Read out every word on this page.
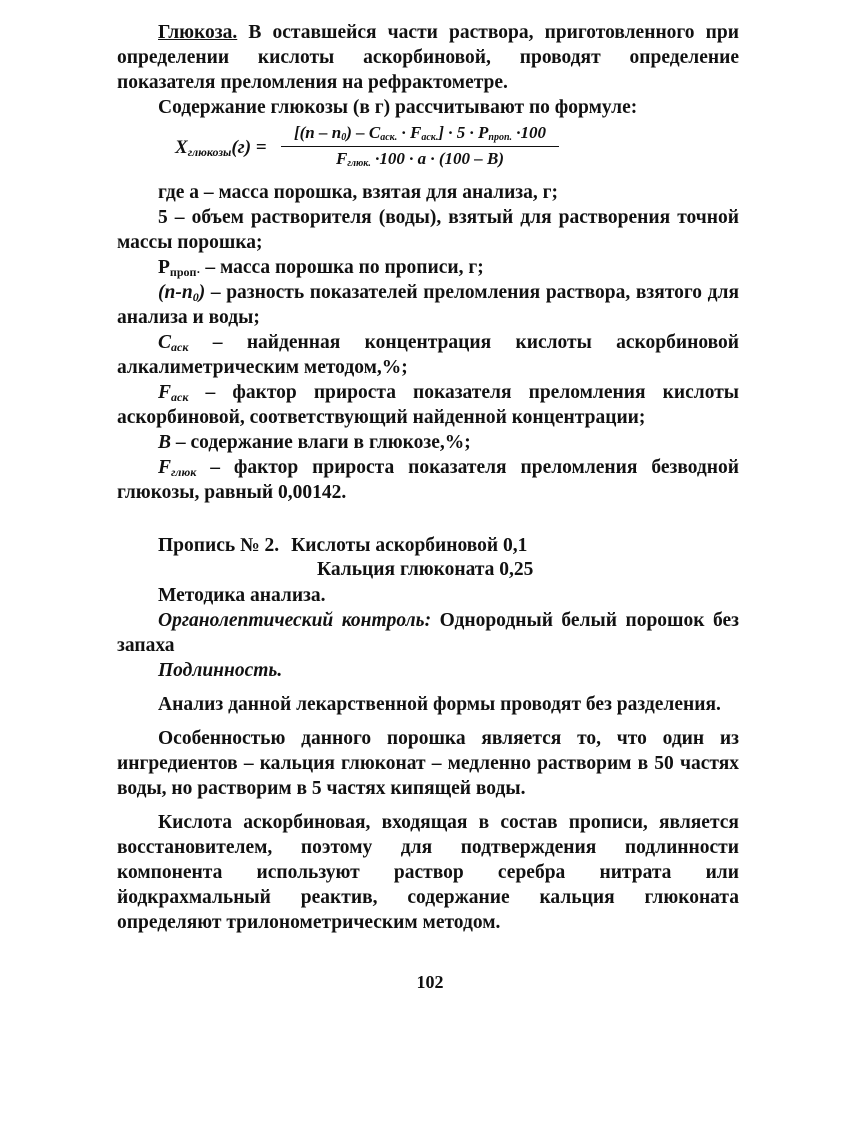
Глюкоза. В оставшейся части раствора, приготовленного при определении кислоты аскорбиновой, проводят определение показателя преломления на рефрактометре.

Содержание глюкозы (в г) рассчитывают по формуле:

$X_{глюкозы}(г)$ =
$[(n - n_0) - C_{аск.} \cdot F_{аск.}] \cdot 5 \cdot P_{проп.} \cdot 100$
$F_{глюк.} \cdot 100 \cdot a \cdot (100 - B)$

где a – масса порошка, взятая для анализа, г;

5 – объем растворителя (воды), взятый для растворения точной массы порошка;

$P_{проп\cdot}$ – масса порошка по прописи, г;

$(n-n_0)$ – разность показателей преломления раствора, взятого для анализа и воды;

$C_{аск}$ – найденная концентрация кислоты аскорбиновой алкалиметрическим методом,%;

$F_{аск}$ – фактор прироста показателя преломления кислоты аскорбиновой, соответствующий найденной концентрации;

B – содержание влаги в глюкозе,%;

$F_{глюк}$ – фактор прироста показателя преломления безводной глюкозы, равный 0,00142.

Пропись № 2. Кислоты аскорбиновой 0,1
Кальция глюконата 0,25

Методика анализа.

Органолептический контроль: Однородный белый порошок без запаха

Подлинность.

Анализ данной лекарственной формы проводят без разделения.

Особенностью данного порошка является то, что один из ингредиентов – кальция глюконат – медленно растворим в 50 частях воды, но растворим в 5 частях кипящей воды.

Кислота аскорбиновая, входящая в состав прописи, является восстановителем, поэтому для подтверждения подлинности компонента используют раствор серебра нитрата или йодкрахмальный реактив, содержание кальция глюконата определяют трилонометрическим методом.

102
